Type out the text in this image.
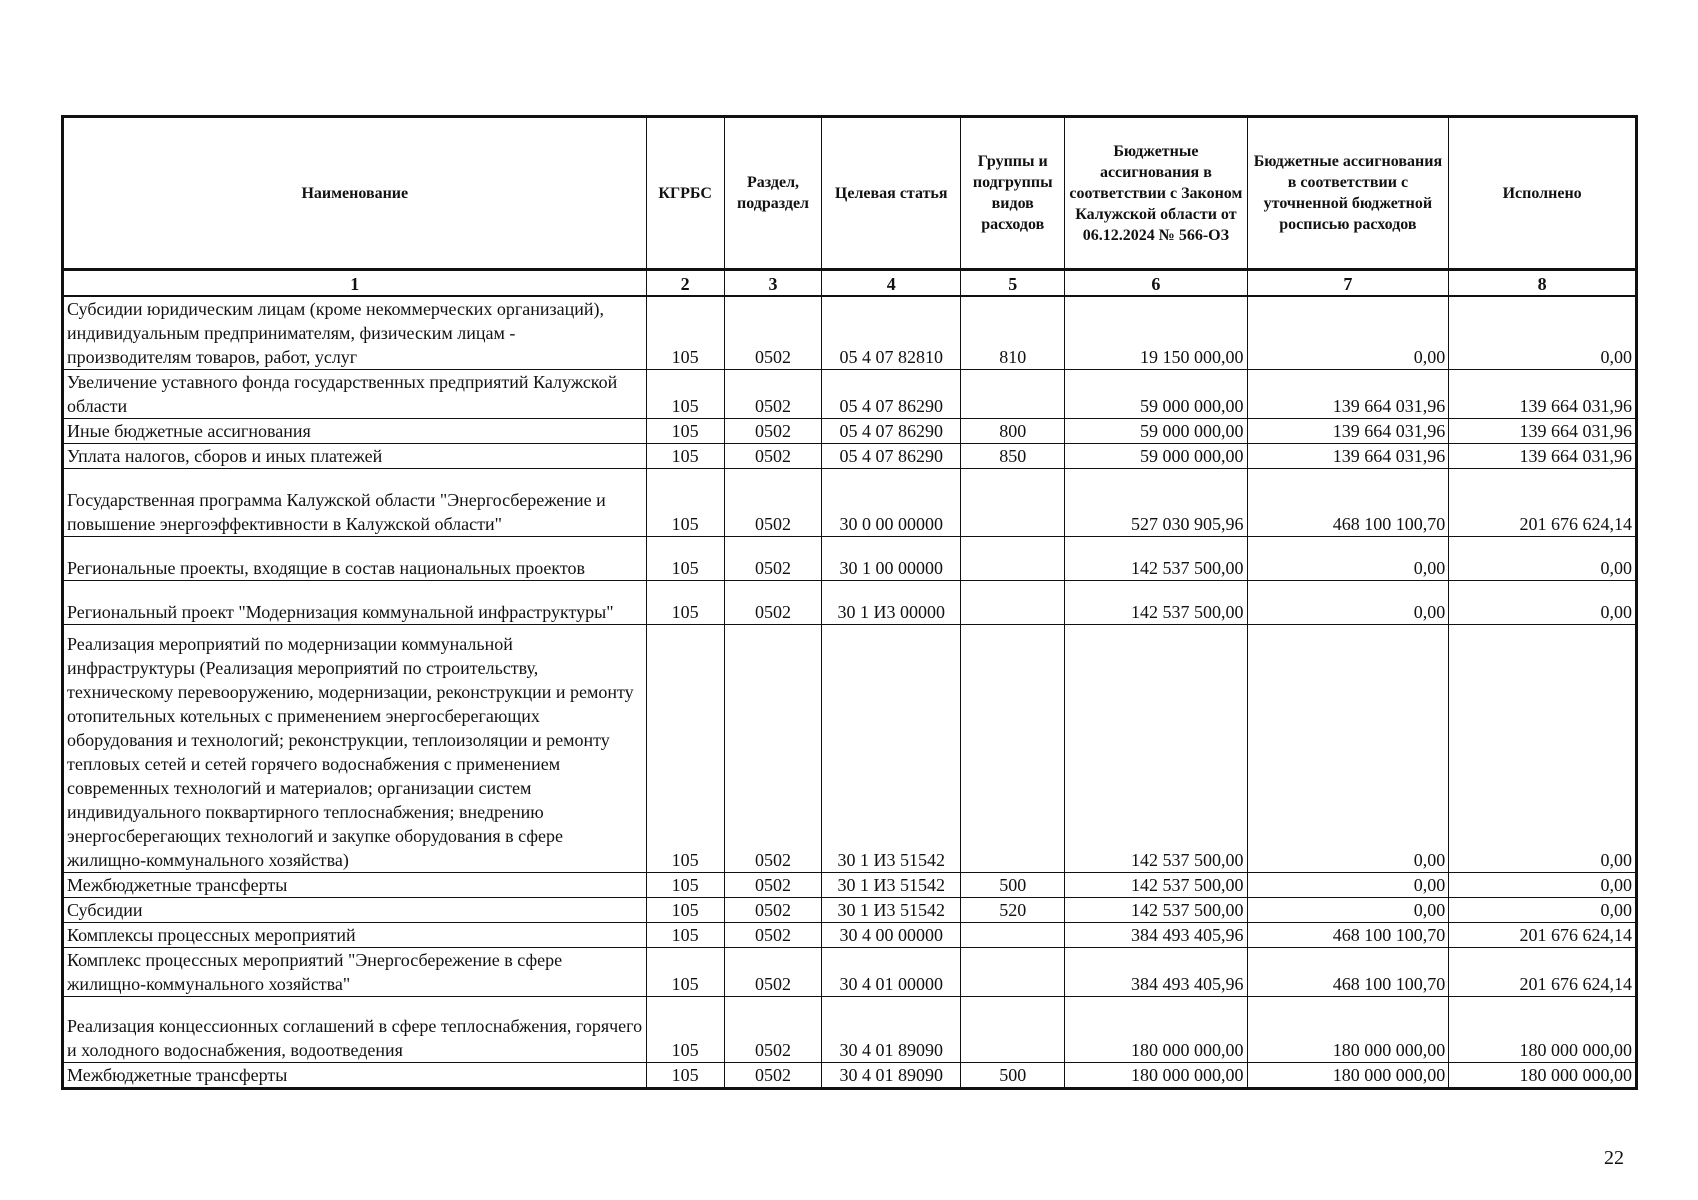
Наименование	КГРБС	Раздел, подраздел	Целевая статья	Группы и подгруппы видов расходов	Бюджетные ассигнования в соответствии с Законом Калужской области от 06.12.2024 № 566-ОЗ	Бюджетные ассигнования в соответствии с уточненной бюджетной росписью расходов	Исполнено
1	2	3	4	5	6	7	8
Субсидии юридическим лицам (кроме некоммерческих организаций), индивидуальным предпринимателям, физическим лицам - производителям товаров, работ, услуг	105	0502	05 4 07 82810	810	19 150 000,00	0,00	0,00
Увеличение уставного фонда государственных предприятий Калужской области	105	0502	05 4 07 86290		59 000 000,00	139 664 031,96	139 664 031,96
Иные бюджетные ассигнования	105	0502	05 4 07 86290	800	59 000 000,00	139 664 031,96	139 664 031,96
Уплата налогов, сборов и иных платежей	105	0502	05 4 07 86290	850	59 000 000,00	139 664 031,96	139 664 031,96
Государственная программа Калужской области "Энергосбережение и повышение энергоэффективности в Калужской области"	105	0502	30 0 00 00000		527 030 905,96	468 100 100,70	201 676 624,14
Региональные проекты, входящие в состав национальных проектов	105	0502	30 1 00 00000		142 537 500,00	0,00	0,00
Региональный проект "Модернизация коммунальной инфраструктуры"	105	0502	30 1 И3 00000		142 537 500,00	0,00	0,00
Реализация мероприятий по модернизации коммунальной инфраструктуры (Реализация мероприятий по строительству, техническому перевооружению, модернизации, реконструкции и ремонту отопительных котельных с применением энергосберегающих оборудования и технологий; реконструкции, теплоизоляции и ремонту тепловых сетей и сетей горячего водоснабжения с применением современных технологий и материалов; организации систем индивидуального поквартирного теплоснабжения; внедрению энергосберегающих технологий и закупке оборудования в сфере жилищно-коммунального хозяйства)	105	0502	30 1 И3 51542		142 537 500,00	0,00	0,00
Межбюджетные трансферты	105	0502	30 1 И3 51542	500	142 537 500,00	0,00	0,00
Субсидии	105	0502	30 1 И3 51542	520	142 537 500,00	0,00	0,00
Комплексы процессных мероприятий	105	0502	30 4 00 00000		384 493 405,96	468 100 100,70	201 676 624,14
Комплекс процессных мероприятий "Энергосбережение в сфере жилищно-коммунального хозяйства"	105	0502	30 4 01 00000		384 493 405,96	468 100 100,70	201 676 624,14
Реализация концессионных соглашений в сфере теплоснабжения, горячего и холодного водоснабжения, водоотведения	105	0502	30 4 01 89090		180 000 000,00	180 000 000,00	180 000 000,00
Межбюджетные трансферты	105	0502	30 4 01 89090	500	180 000 000,00	180 000 000,00	180 000 000,00
22
